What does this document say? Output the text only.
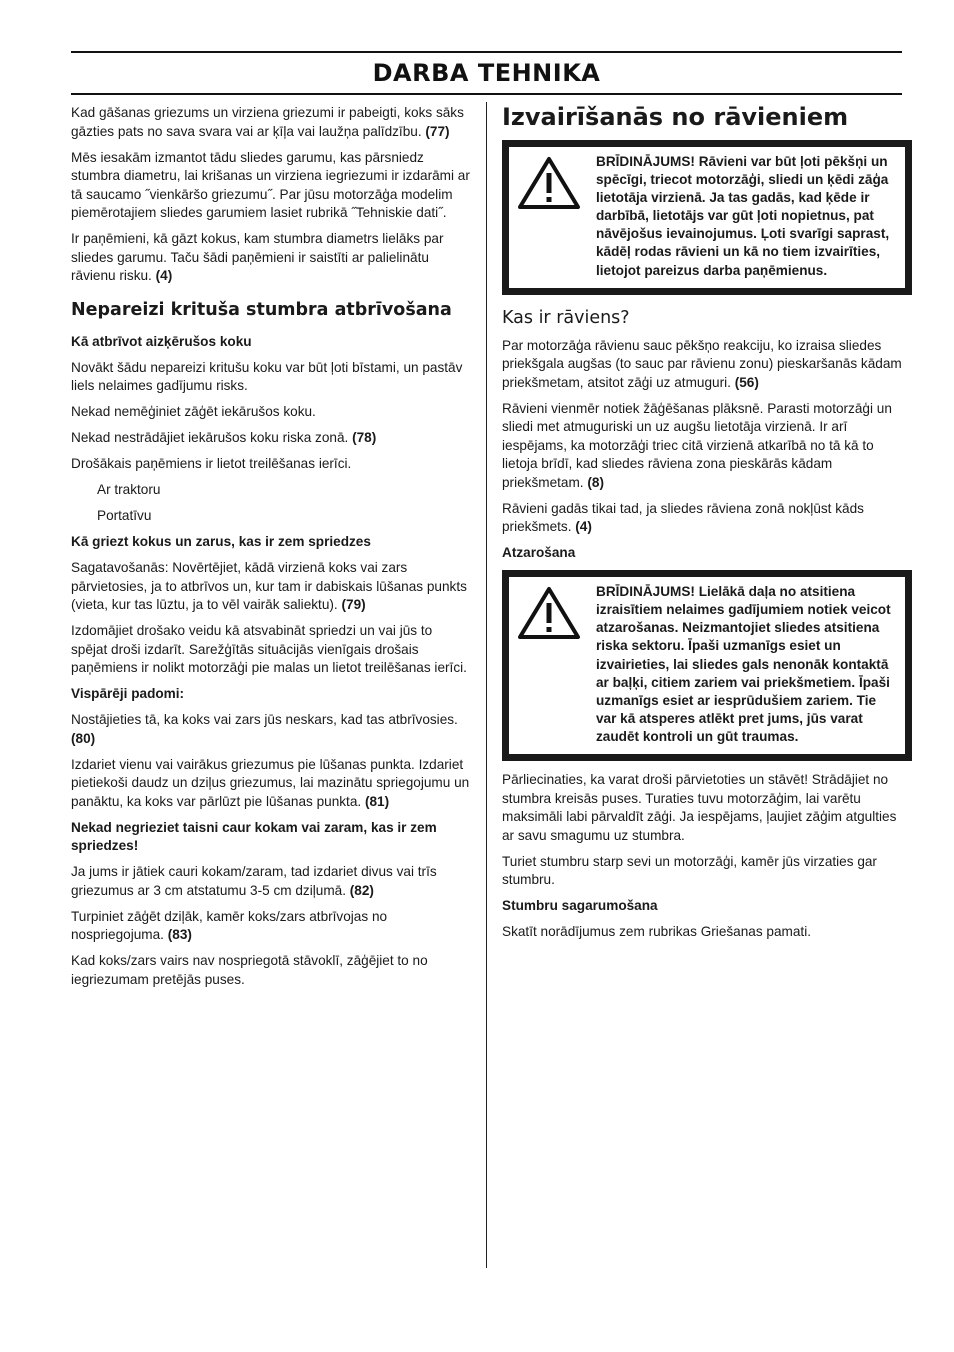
DARBA TEHNIKA

Kad gāšanas griezums un virziena griezumi ir pabeigti, koks sāks gāzties pats no sava svara vai ar ķīļa vai laužņa palīdzību. (77)

Mēs iesakām izmantot tādu sliedes garumu, kas pārsniedz stumbra diametru, lai krišanas un virziena iegriezumi ir izdarāmi ar tā saucamo ˝vienkāršo griezumu˝. Par jūsu motorzāģa modelim piemērotajiem sliedes garumiem lasiet rubrikā ˝Tehniskie dati˝.

Ir paņēmieni, kā gāzt kokus, kam stumbra diametrs lielāks par sliedes garumu. Taču šādi paņēmieni ir saistīti ar palielinātu rāvienu risku. (4)

Nepareizi krituša stumbra atbrīvošana
Kā atbrīvot aizķērušos koku

Novākt šādu nepareizi kritušu koku var būt ļoti bīstami, un pastāv liels nelaimes gadījumu risks.

Nekad nemēģiniet zāģēt iekārušos koku.

Nekad nestrādājiet iekārušos koku riska zonā. (78)

Drošākais paņēmiens ir lietot treilēšanas ierīci.

Ar traktoru

Portatīvu

Kā griezt kokus un zarus, kas ir zem spriedzes

Sagatavošanās: Novērtējiet, kādā virzienā koks vai zars pārvietosies, ja to atbrīvos un, kur tam ir dabiskais lūšanas punkts (vieta, kur tas lūztu, ja to vēl vairāk saliektu). (79)

Izdomājiet drošako veidu kā atsvabināt spriedzi un vai jūs to spējat droši izdarīt. Sarežģītās situācijās vienīgais drošais paņēmiens ir nolikt motorzāģi pie malas un lietot treilēšanas ierīci.

Vispārēji padomi:

Nostājieties tā, ka koks vai zars jūs neskars, kad tas atbrīvosies. (80)

Izdariet vienu vai vairākus griezumus pie lūšanas punkta. Izdariet pietiekoši daudz un dziļus griezumus, lai mazinātu spriegojumu un panāktu, ka koks var pārlūzt pie lūšanas punkta. (81)

Nekad negrieziet taisni caur kokam vai zaram, kas ir zem spriedzes!

Ja jums ir jātiek cauri kokam/zaram, tad izdariet divus vai trīs griezumus ar 3 cm atstatumu 3-5 cm dziļumā. (82)

Turpiniet zāģēt dziļāk, kamēr koks/zars atbrīvojas no nospriegojuma. (83)

Kad koks/zars vairs nav nospriegotā stāvoklī, zāģējiet to no iegriezumam pretējās puses.

Izvairīšanās no rāvieniem
BRĪDINĀJUMS! Rāvieni var būt ļoti pēkšņi un spēcīgi, triecot motorzāģi, sliedi un ķēdi zāģa lietotāja virzienā. Ja tas gadās, kad ķēde ir darbībā, lietotājs var gūt ļoti nopietnus, pat nāvējošus ievainojumus. Ļoti svarīgi saprast, kādēļ rodas rāvieni un kā no tiem izvairīties, lietojot pareizus darba paņēmienus.
Kas ir rāviens?

Par motorzāģa rāvienu sauc pēkšņo reakciju, ko izraisa sliedes priekšgala augšas (to sauc par rāvienu zonu) pieskaršanās kādam priekšmetam, atsitot zāģi uz atmuguri. (56)

Rāvieni vienmēr notiek žāģēšanas plāksnē. Parasti motorzāģi un sliedi met atmuguriski un uz augšu lietotāja virzienā. Ir arī iespējams, ka motorzāģi triec citā virzienā atkarībā no tā kā to lietoja brīdī, kad sliedes rāviena zona pieskārās kādam priekšmetam. (8)

Rāvieni gadās tikai tad, ja sliedes rāviena zonā nokļūst kāds priekšmets. (4)

Atzarošana
BRĪDINĀJUMS! Lielākā daļa no atsitiena izraisītiem nelaimes gadījumiem notiek veicot atzarošanas. Neizmantojiet sliedes atsitiena riska sektoru. Īpaši uzmanīgs esiet un izvairieties, lai sliedes gals nenonāk kontaktā ar baļķi, citiem zariem vai priekšmetiem. Īpaši uzmanīgs esiet ar iesprūdušiem zariem. Tie var kā atsperes atlēkt pret jums, jūs varat zaudēt kontroli un gūt traumas.

Pārliecinaties, ka varat droši pārvietoties un stāvēt! Strādājiet no stumbra kreisās puses. Turaties tuvu motorzāģim, lai varētu maksimāli labi pārvaldīt zāģi. Ja iespējams, ļaujiet zāģim atgulties ar savu smagumu uz stumbra.

Turiet stumbru starp sevi un motorzāģi, kamēr jūs virzaties gar stumbru.

Stumbru sagarumošana

Skatīt norādījumus zem rubrikas Griešanas pamati.
